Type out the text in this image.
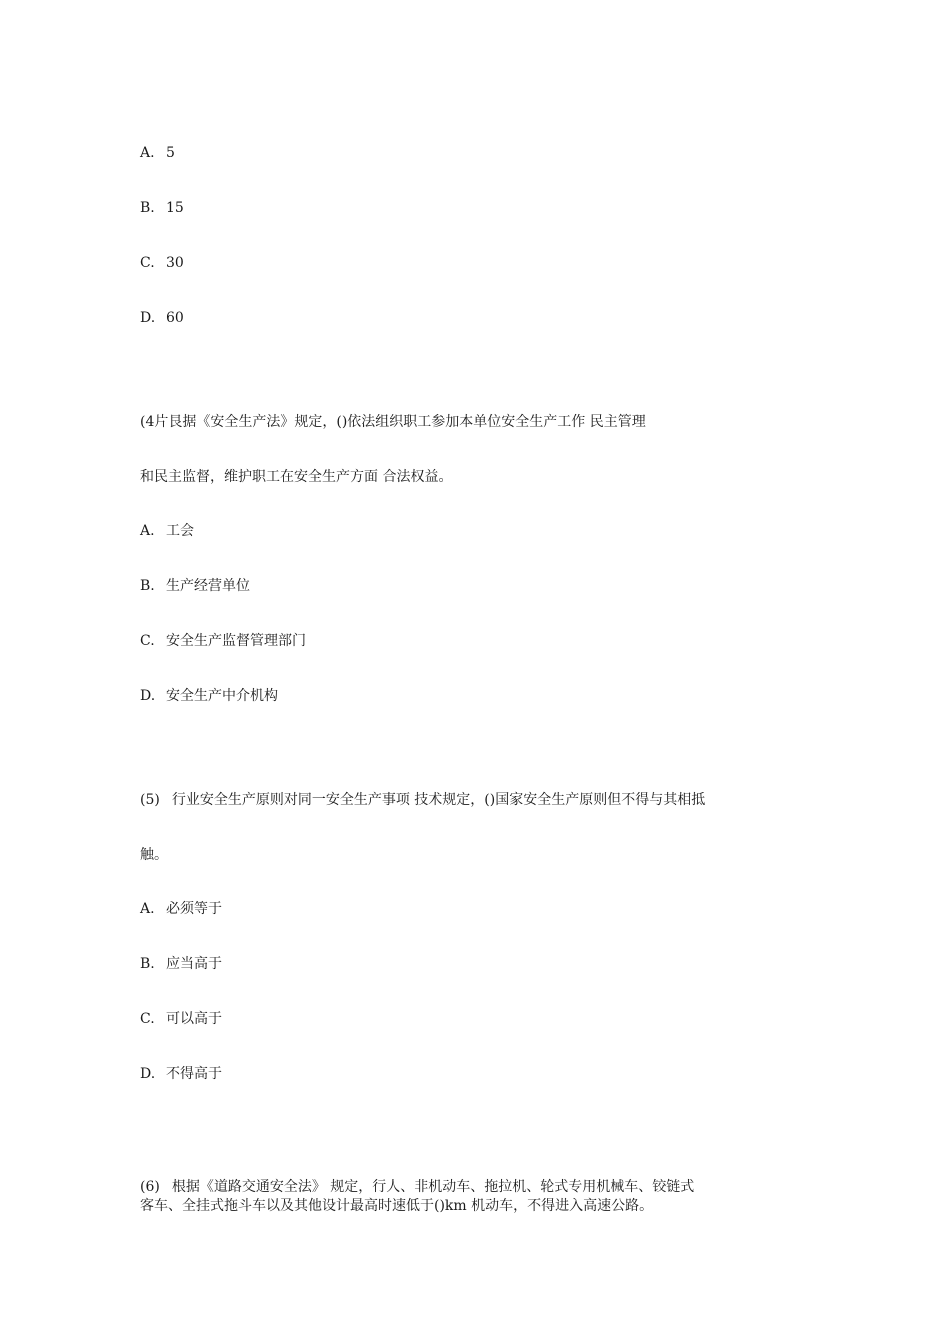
A. 5
B. 15
C. 30
D. 60
(4片艮据《安全生产法》规定，()依法组织职工参加本单位安全生产工作 民主管理
和民主监督，维护职工在安全生产方面 合法权益。
A. 工会
B. 生产经营单位
C. 安全生产监督管理部门
D. 安全生产中介机构
(5) 行业安全生产原则对同一安全生产事项 技术规定，()国家安全生产原则但不得与其相抵
触。
A. 必须等于
B. 应当高于
C. 可以高于
D. 不得高于
(6) 根据《道路交通安全法》 规定，行人、非机动车、拖拉机、轮式专用机械车、铰链式
客车、全挂式拖斗车以及其他设计最高时速低于()km 机动车，不得进入高速公路。
